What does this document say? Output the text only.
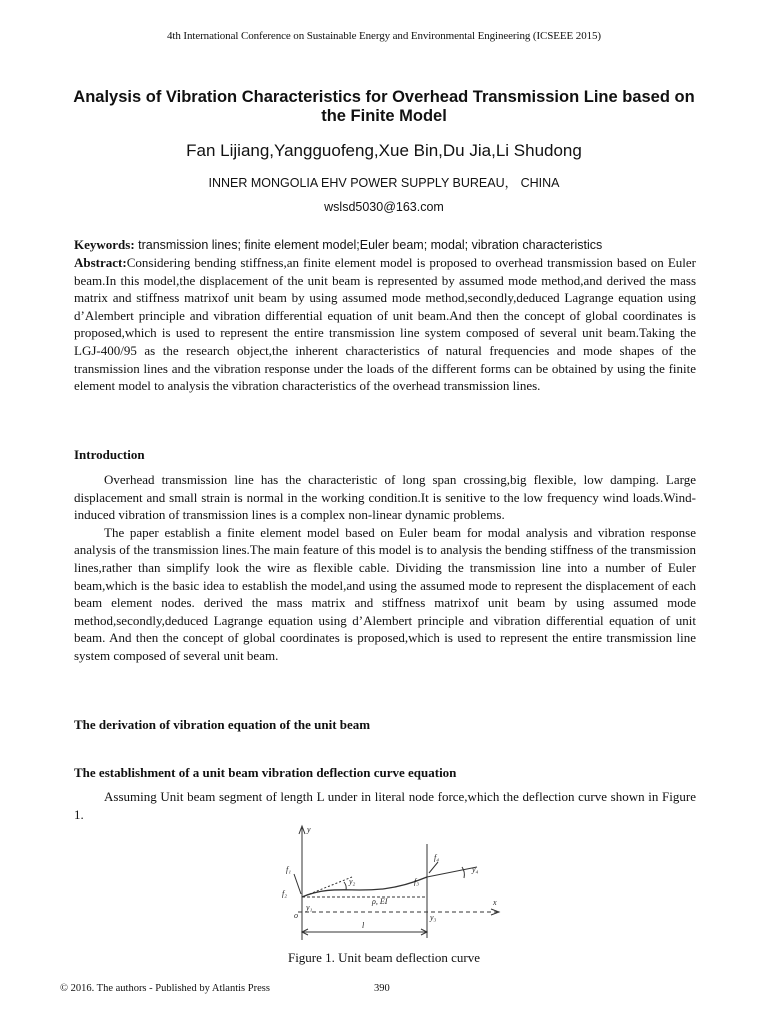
4th International Conference on Sustainable Energy and Environmental Engineering (ICSEEE 2015)
Analysis of Vibration Characteristics for Overhead Transmission Line based on the Finite Model
Fan Lijiang,Yangguofeng,Xue Bin,Du Jia,Li Shudong
INNER MONGOLIA EHV POWER SUPPLY BUREAU， CHINA
wslsd5030@163.com
Keywords: transmission lines; finite element model;Euler beam; modal; vibration characteristics
Abstract:Considering bending stiffness,an finite element model is proposed to overhead transmission based on Euler beam.In this model,the displacement of the unit beam is represented by assumed mode method,and derived the mass matrix and stiffness matrixof unit beam by using assumed mode method,secondly,deduced Lagrange equation using d’Alembert principle and vibration differential equation of unit beam.And then the concept of global coordinates is proposed,which is used to represent the entire transmission line system composed of several unit beam.Taking the LGJ-400/95 as the research object,the inherent characteristics of natural frequencies and mode shapes of the transmission lines and the vibration response under the loads of the different forms can be obtained by using the finite element model to analysis the vibration characteristics of the overhead transmission lines.
Introduction

Overhead transmission line has the characteristic of long span crossing,big flexible, low damping. Large displacement and small strain is normal in the working condition.It is senitive to the low frequency wind loads.Wind-induced vibration of transmission lines is a complex non-linear dynamic problems.

The paper establish a finite element model based on Euler beam for modal analysis and vibration response analysis of the transmission lines.The main feature of this model is to analysis the bending stiffness of the transmission lines,rather than simplify look the wire as flexible cable. Dividing the transmission line into a number of Euler beam,which is the basic idea to establish the model,and using the assumed mode to represent the displacement of each beam element nodes. derived the mass matrix and stiffness matrixof unit beam by using assumed mode method,secondly,deduced Lagrange equation using d’Alembert principle and vibration differential equation of unit beam. And then the concept of global coordinates is proposed,which is used to represent the entire transmission line system composed of several unit beam.

The derivation of vibration equation of the unit beam
The establishment of a unit beam vibration deflection curve equation

Assuming Unit beam segment of length L under in literal node force,which the deflection curve shown in Figure 1.

y
x
f₁
f₂
o
y₁
y₂
ρ, EI
f₃
f₄
y₄
y₃
l
Figure 1. Unit beam deflection curve
© 2016. The authors - Published by Atlantis Press	390
